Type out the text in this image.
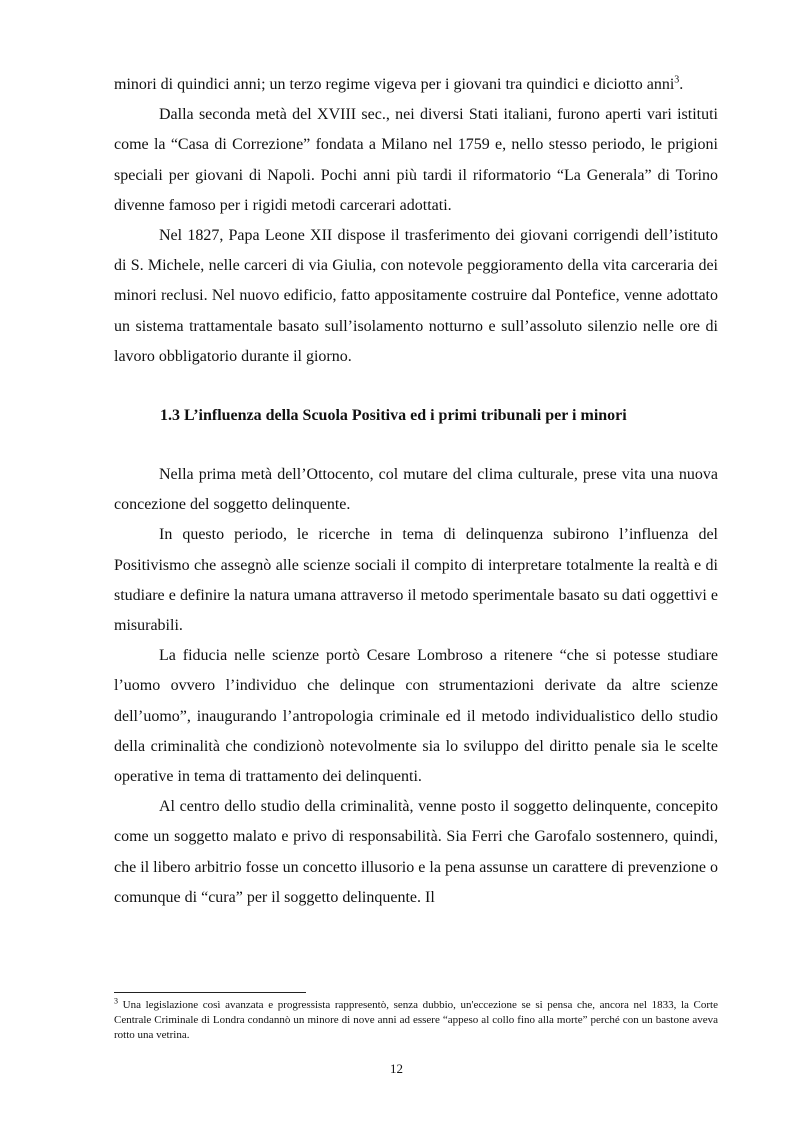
minori di quindici anni; un terzo regime vigeva per i giovani tra quindici e diciotto anni$^3$.

Dalla seconda metà del XVIII sec., nei diversi Stati italiani, furono aperti vari istituti come la “Casa di Correzione” fondata a Milano nel 1759 e, nello stesso periodo, le prigioni speciali per giovani di Napoli. Pochi anni più tardi il riformatorio “La Generala” di Torino divenne famoso per i rigidi metodi carcerari adottati.

Nel 1827, Papa Leone XII dispose il trasferimento dei giovani corrigendi dell’istituto di S. Michele, nelle carceri di via Giulia, con notevole peggioramento della vita carceraria dei minori reclusi. Nel nuovo edificio, fatto appositamente costruire dal Pontefice, venne adottato un sistema trattamentale basato sull’isolamento notturno e sull’assoluto silenzio nelle ore di lavoro obbligatorio durante il giorno.

1.3 L’influenza della Scuola Positiva ed i primi tribunali per i minori

Nella prima metà dell’Ottocento, col mutare del clima culturale, prese vita una nuova concezione del soggetto delinquente.

In questo periodo, le ricerche in tema di delinquenza subirono l’influenza del Positivismo che assegnò alle scienze sociali il compito di interpretare totalmente la realtà e di studiare e definire la natura umana attraverso il metodo sperimentale basato su dati oggettivi e misurabili.

La fiducia nelle scienze portò Cesare Lombroso a ritenere “che si potesse studiare l’uomo ovvero l’individuo che delinque con strumentazioni derivate da altre scienze dell’uomo”, inaugurando l’antropologia criminale ed il metodo individualistico dello studio della criminalità che condizionò notevolmente sia lo sviluppo del diritto penale sia le scelte operative in tema di trattamento dei delinquenti.

Al centro dello studio della criminalità, venne posto il soggetto delinquente, concepito come un soggetto malato e privo di responsabilità. Sia Ferri che Garofalo sostennero, quindi, che il libero arbitrio fosse un concetto illusorio e la pena assunse un carattere di prevenzione o comunque di “cura” per il soggetto delinquente. Il

$^3$ Una legislazione così avanzata e progressista rappresentò, senza dubbio, un'eccezione se si pensa che, ancora nel 1833, la Corte Centrale Criminale di Londra condannò un minore di nove anni ad essere “appeso al collo fino alla morte” perché con un bastone aveva rotto una vetrina.
12
